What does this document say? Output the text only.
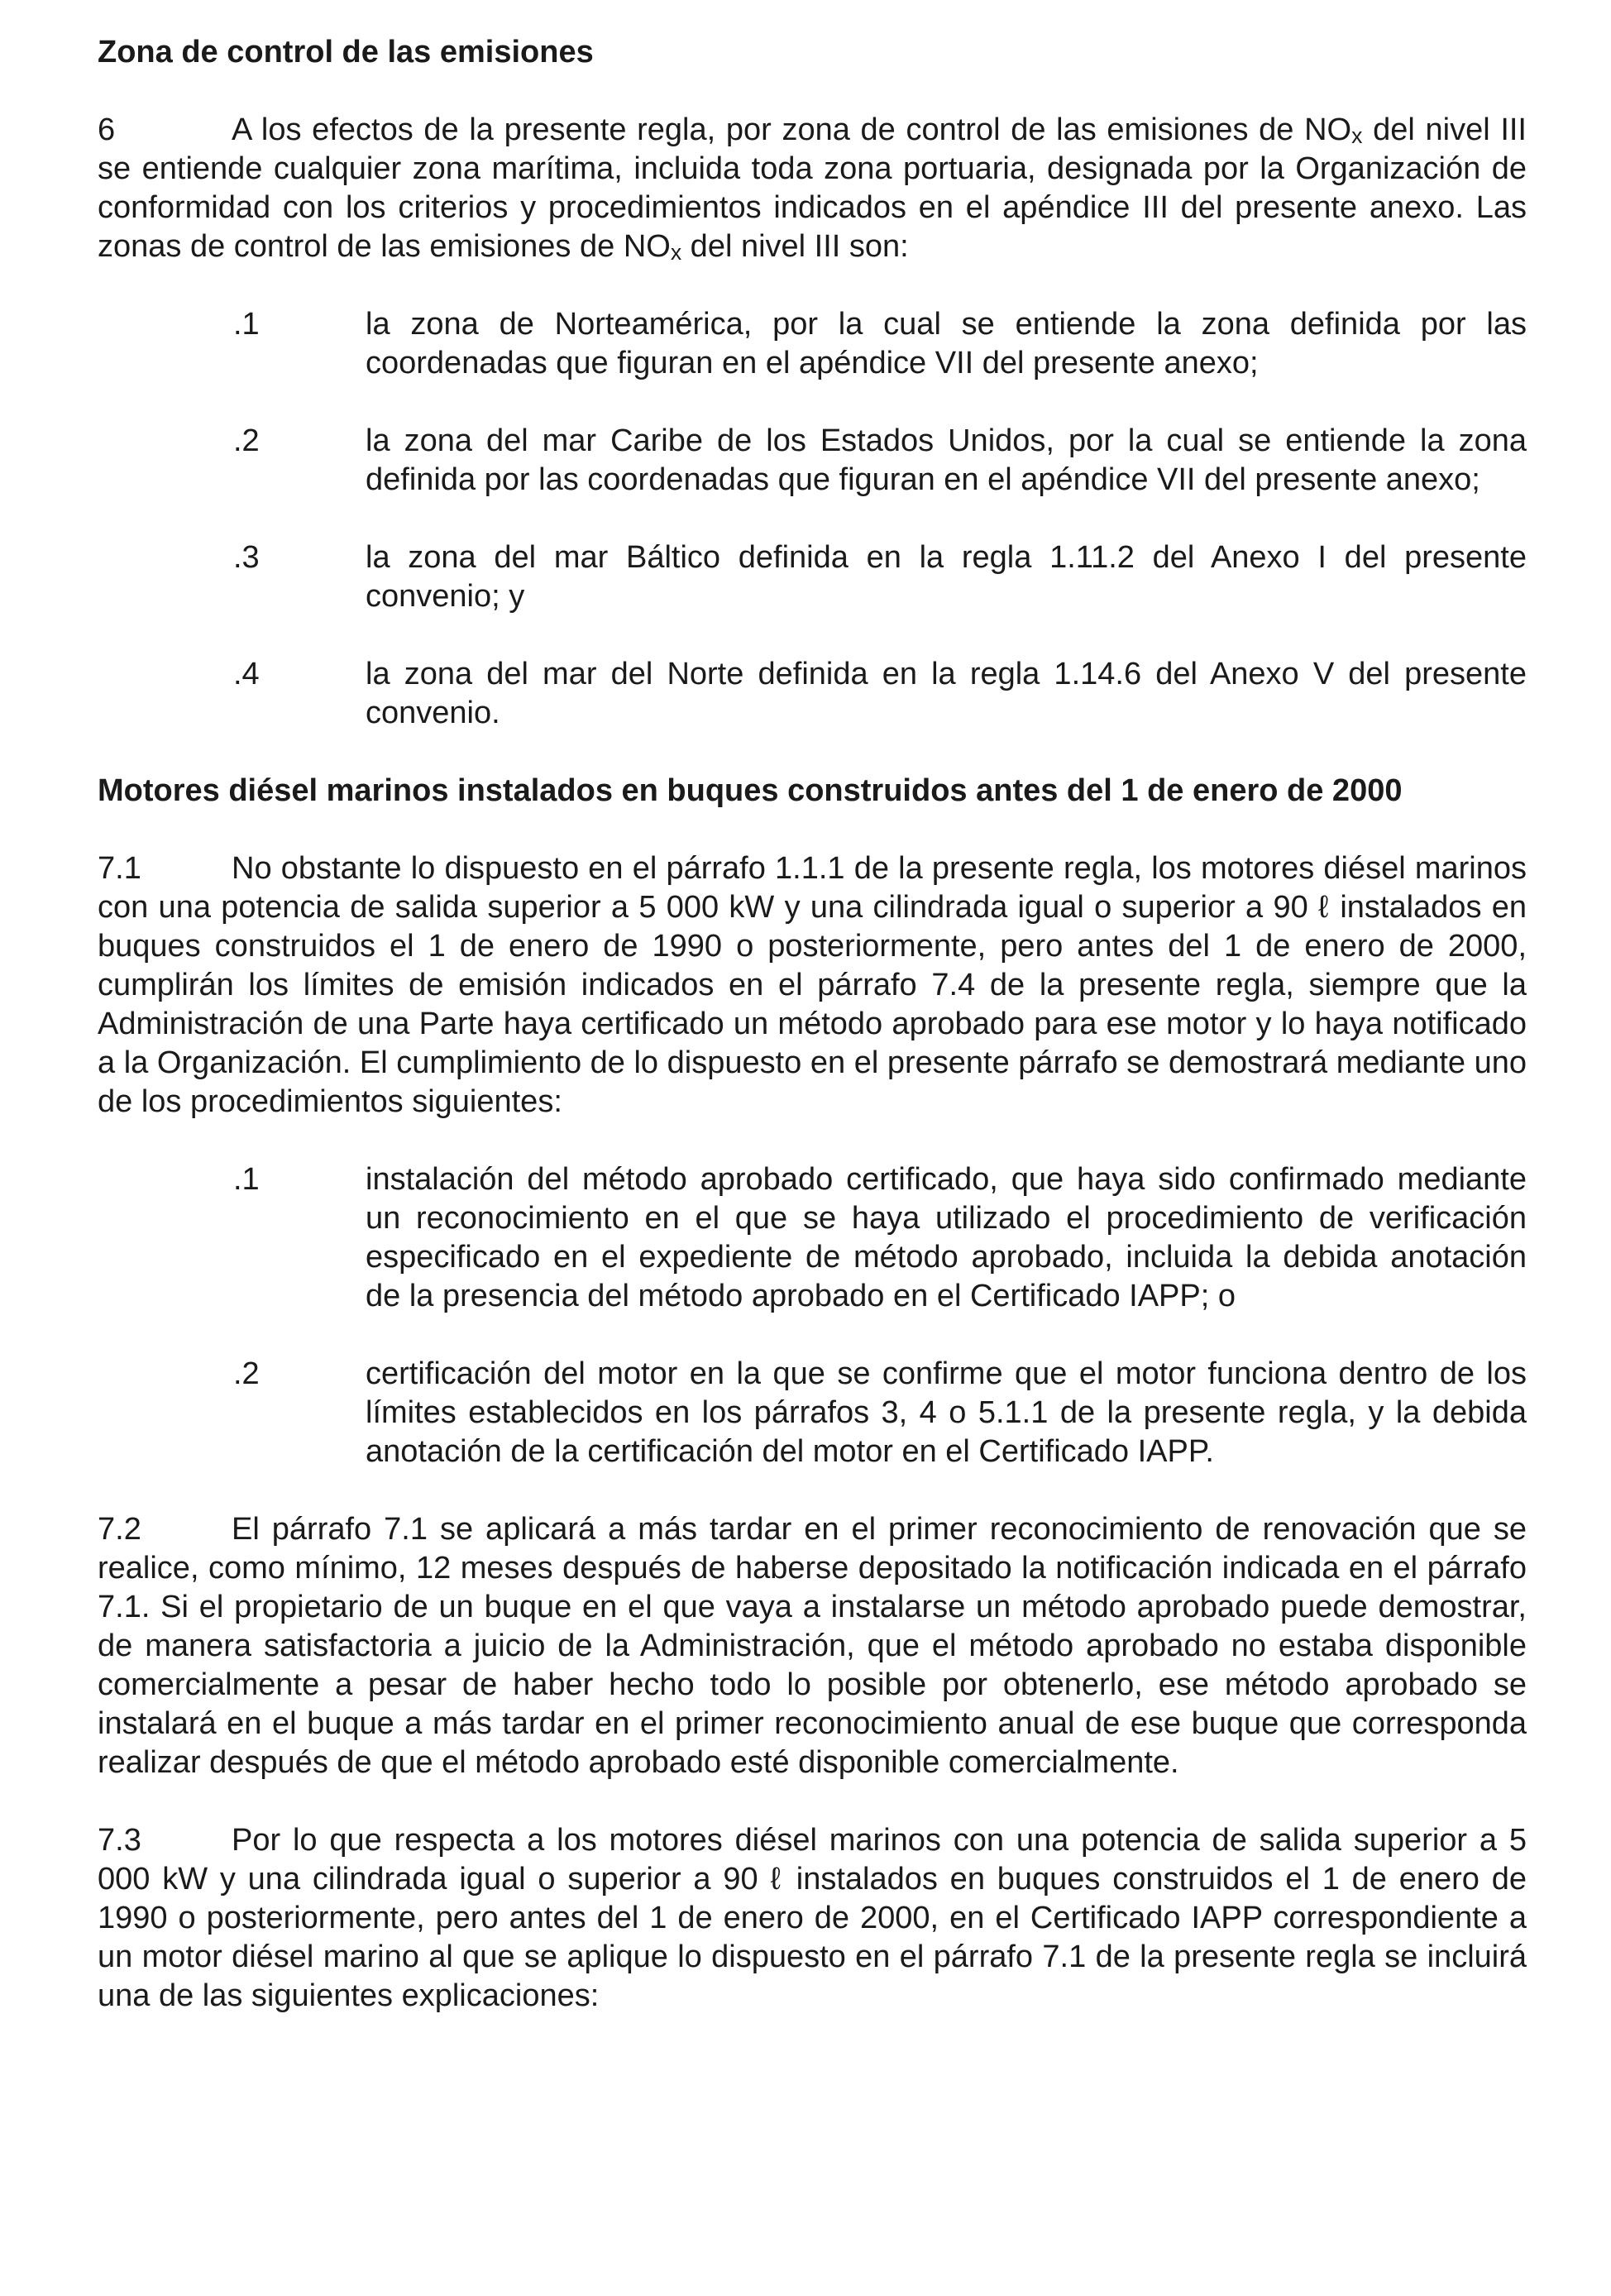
Zona de control de las emisiones

6	A los efectos de la presente regla, por zona de control de las emisiones de NOx del nivel III se entiende cualquier zona marítima, incluida toda zona portuaria, designada por la Organización de conformidad con los criterios y procedimientos indicados en el apéndice III del presente anexo. Las zonas de control de las emisiones de NOx del nivel III son:

.1	la zona de Norteamérica, por la cual se entiende la zona definida por las coordenadas que figuran en el apéndice VII del presente anexo;
.2	la zona del mar Caribe de los Estados Unidos, por la cual se entiende la zona definida por las coordenadas que figuran en el apéndice VII del presente anexo;
.3	la zona del mar Báltico definida en la regla 1.11.2 del Anexo I del presente convenio; y
.4	la zona del mar del Norte definida en la regla 1.14.6 del Anexo V del presente convenio.
Motores diésel marinos instalados en buques construidos antes del 1 de enero de 2000

7.1	No obstante lo dispuesto en el párrafo 1.1.1 de la presente regla, los motores diésel marinos con una potencia de salida superior a 5 000 kW y una cilindrada igual o superior a 90 ℓ instalados en buques construidos el 1 de enero de 1990 o posteriormente, pero antes del 1 de enero de 2000, cumplirán los límites de emisión indicados en el párrafo 7.4 de la presente regla, siempre que la Administración de una Parte haya certificado un método aprobado para ese motor y lo haya notificado a la Organización. El cumplimiento de lo dispuesto en el presente párrafo se demostrará mediante uno de los procedimientos siguientes:

.1	instalación del método aprobado certificado, que haya sido confirmado mediante un reconocimiento en el que se haya utilizado el procedimiento de verificación especificado en el expediente de método aprobado, incluida la debida anotación de la presencia del método aprobado en el Certificado IAPP; o
.2	certificación del motor en la que se confirme que el motor funciona dentro de los límites establecidos en los párrafos 3, 4 o 5.1.1 de la presente regla, y la debida anotación de la certificación del motor en el Certificado IAPP.

7.2	El párrafo 7.1 se aplicará a más tardar en el primer reconocimiento de renovación que se realice, como mínimo, 12 meses después de haberse depositado la notificación indicada en el párrafo 7.1. Si el propietario de un buque en el que vaya a instalarse un método aprobado puede demostrar, de manera satisfactoria a juicio de la Administración, que el método aprobado no estaba disponible comercialmente a pesar de haber hecho todo lo posible por obtenerlo, ese método aprobado se instalará en el buque a más tardar en el primer reconocimiento anual de ese buque que corresponda realizar después de que el método aprobado esté disponible comercialmente.

7.3	Por lo que respecta a los motores diésel marinos con una potencia de salida superior a 5 000 kW y una cilindrada igual o superior a 90 ℓ instalados en buques construidos el 1 de enero de 1990 o posteriormente, pero antes del 1 de enero de 2000, en el Certificado IAPP correspondiente a un motor diésel marino al que se aplique lo dispuesto en el párrafo 7.1 de la presente regla se incluirá una de las siguientes explicaciones:
